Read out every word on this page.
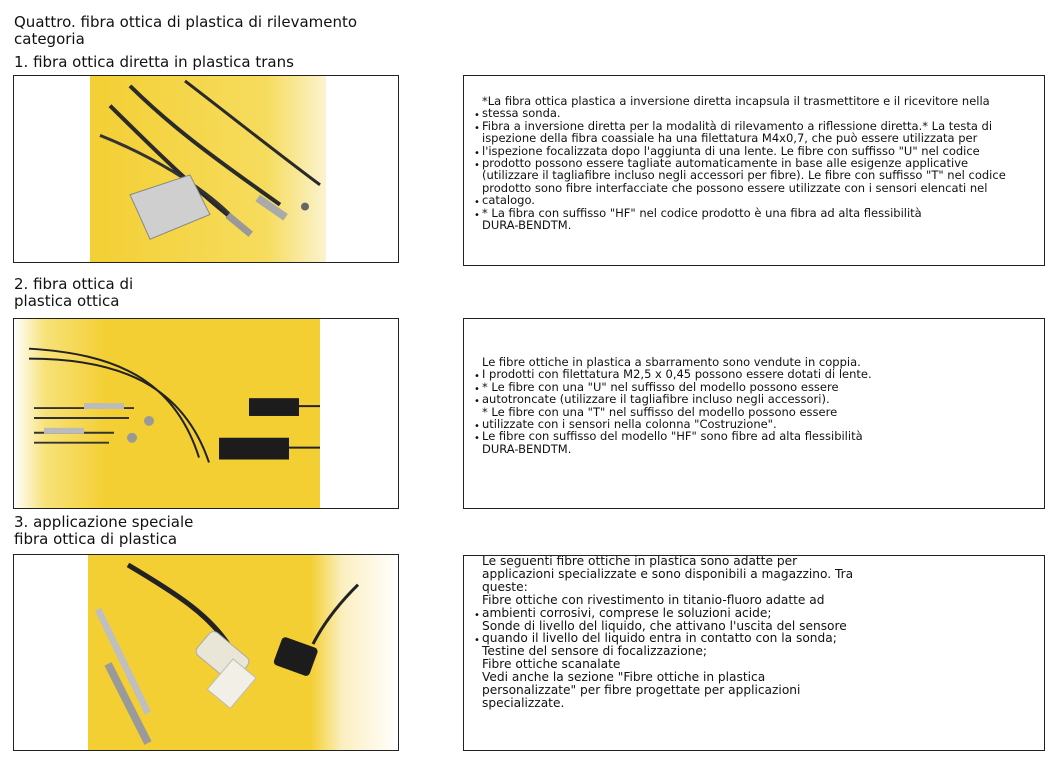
Quattro. fibra ottica di plastica di rilevamento
categoria
1. fibra ottica diretta in plastica trans

*La fibra ottica plastica a inversione diretta incapsula il trasmettitore e il ricevitore nella

• stessa sonda.

• Fibra a inversione diretta per la modalità di rilevamento a riflessione diretta.* La testa di

ispezione della fibra coassiale ha una filettatura M4x0,7, che può essere utilizzata per

• l'ispezione focalizzata dopo l'aggiunta di una lente. Le fibre con suffisso "U" nel codice

• prodotto possono essere tagliate automaticamente in base alle esigenze applicative

(utilizzare il tagliafibre incluso negli accessori per fibre). Le fibre con suffisso "T" nel codice

prodotto sono fibre interfacciate che possono essere utilizzate con i sensori elencati nel

• catalogo.

• * La fibra con suffisso "HF" nel codice prodotto è una fibra ad alta flessibilità

DURA-BENDTM.

2. fibra ottica di
plastica ottica

Le fibre ottiche in plastica a sbarramento sono vendute in coppia.

• I prodotti con filettatura M2,5 x 0,45 possono essere dotati di lente.

• * Le fibre con una "U" nel suffisso del modello possono essere

• autotroncate (utilizzare il tagliafibre incluso negli accessori).

* Le fibre con una "T" nel suffisso del modello possono essere

• utilizzate con i sensori nella colonna "Costruzione".

• Le fibre con suffisso del modello "HF" sono fibre ad alta flessibilità

DURA-BENDTM.

3. applicazione speciale
fibra ottica di plastica

Le seguenti fibre ottiche in plastica sono adatte per

applicazioni specializzate e sono disponibili a magazzino. Tra

queste:

Fibre ottiche con rivestimento in titanio-fluoro adatte ad

• ambienti corrosivi, comprese le soluzioni acide;

Sonde di livello del liquido, che attivano l'uscita del sensore

• quando il livello del liquido entra in contatto con la sonda;

Testine del sensore di focalizzazione;

Fibre ottiche scanalate

Vedi anche la sezione "Fibre ottiche in plastica

personalizzate" per fibre progettate per applicazioni

specializzate.
